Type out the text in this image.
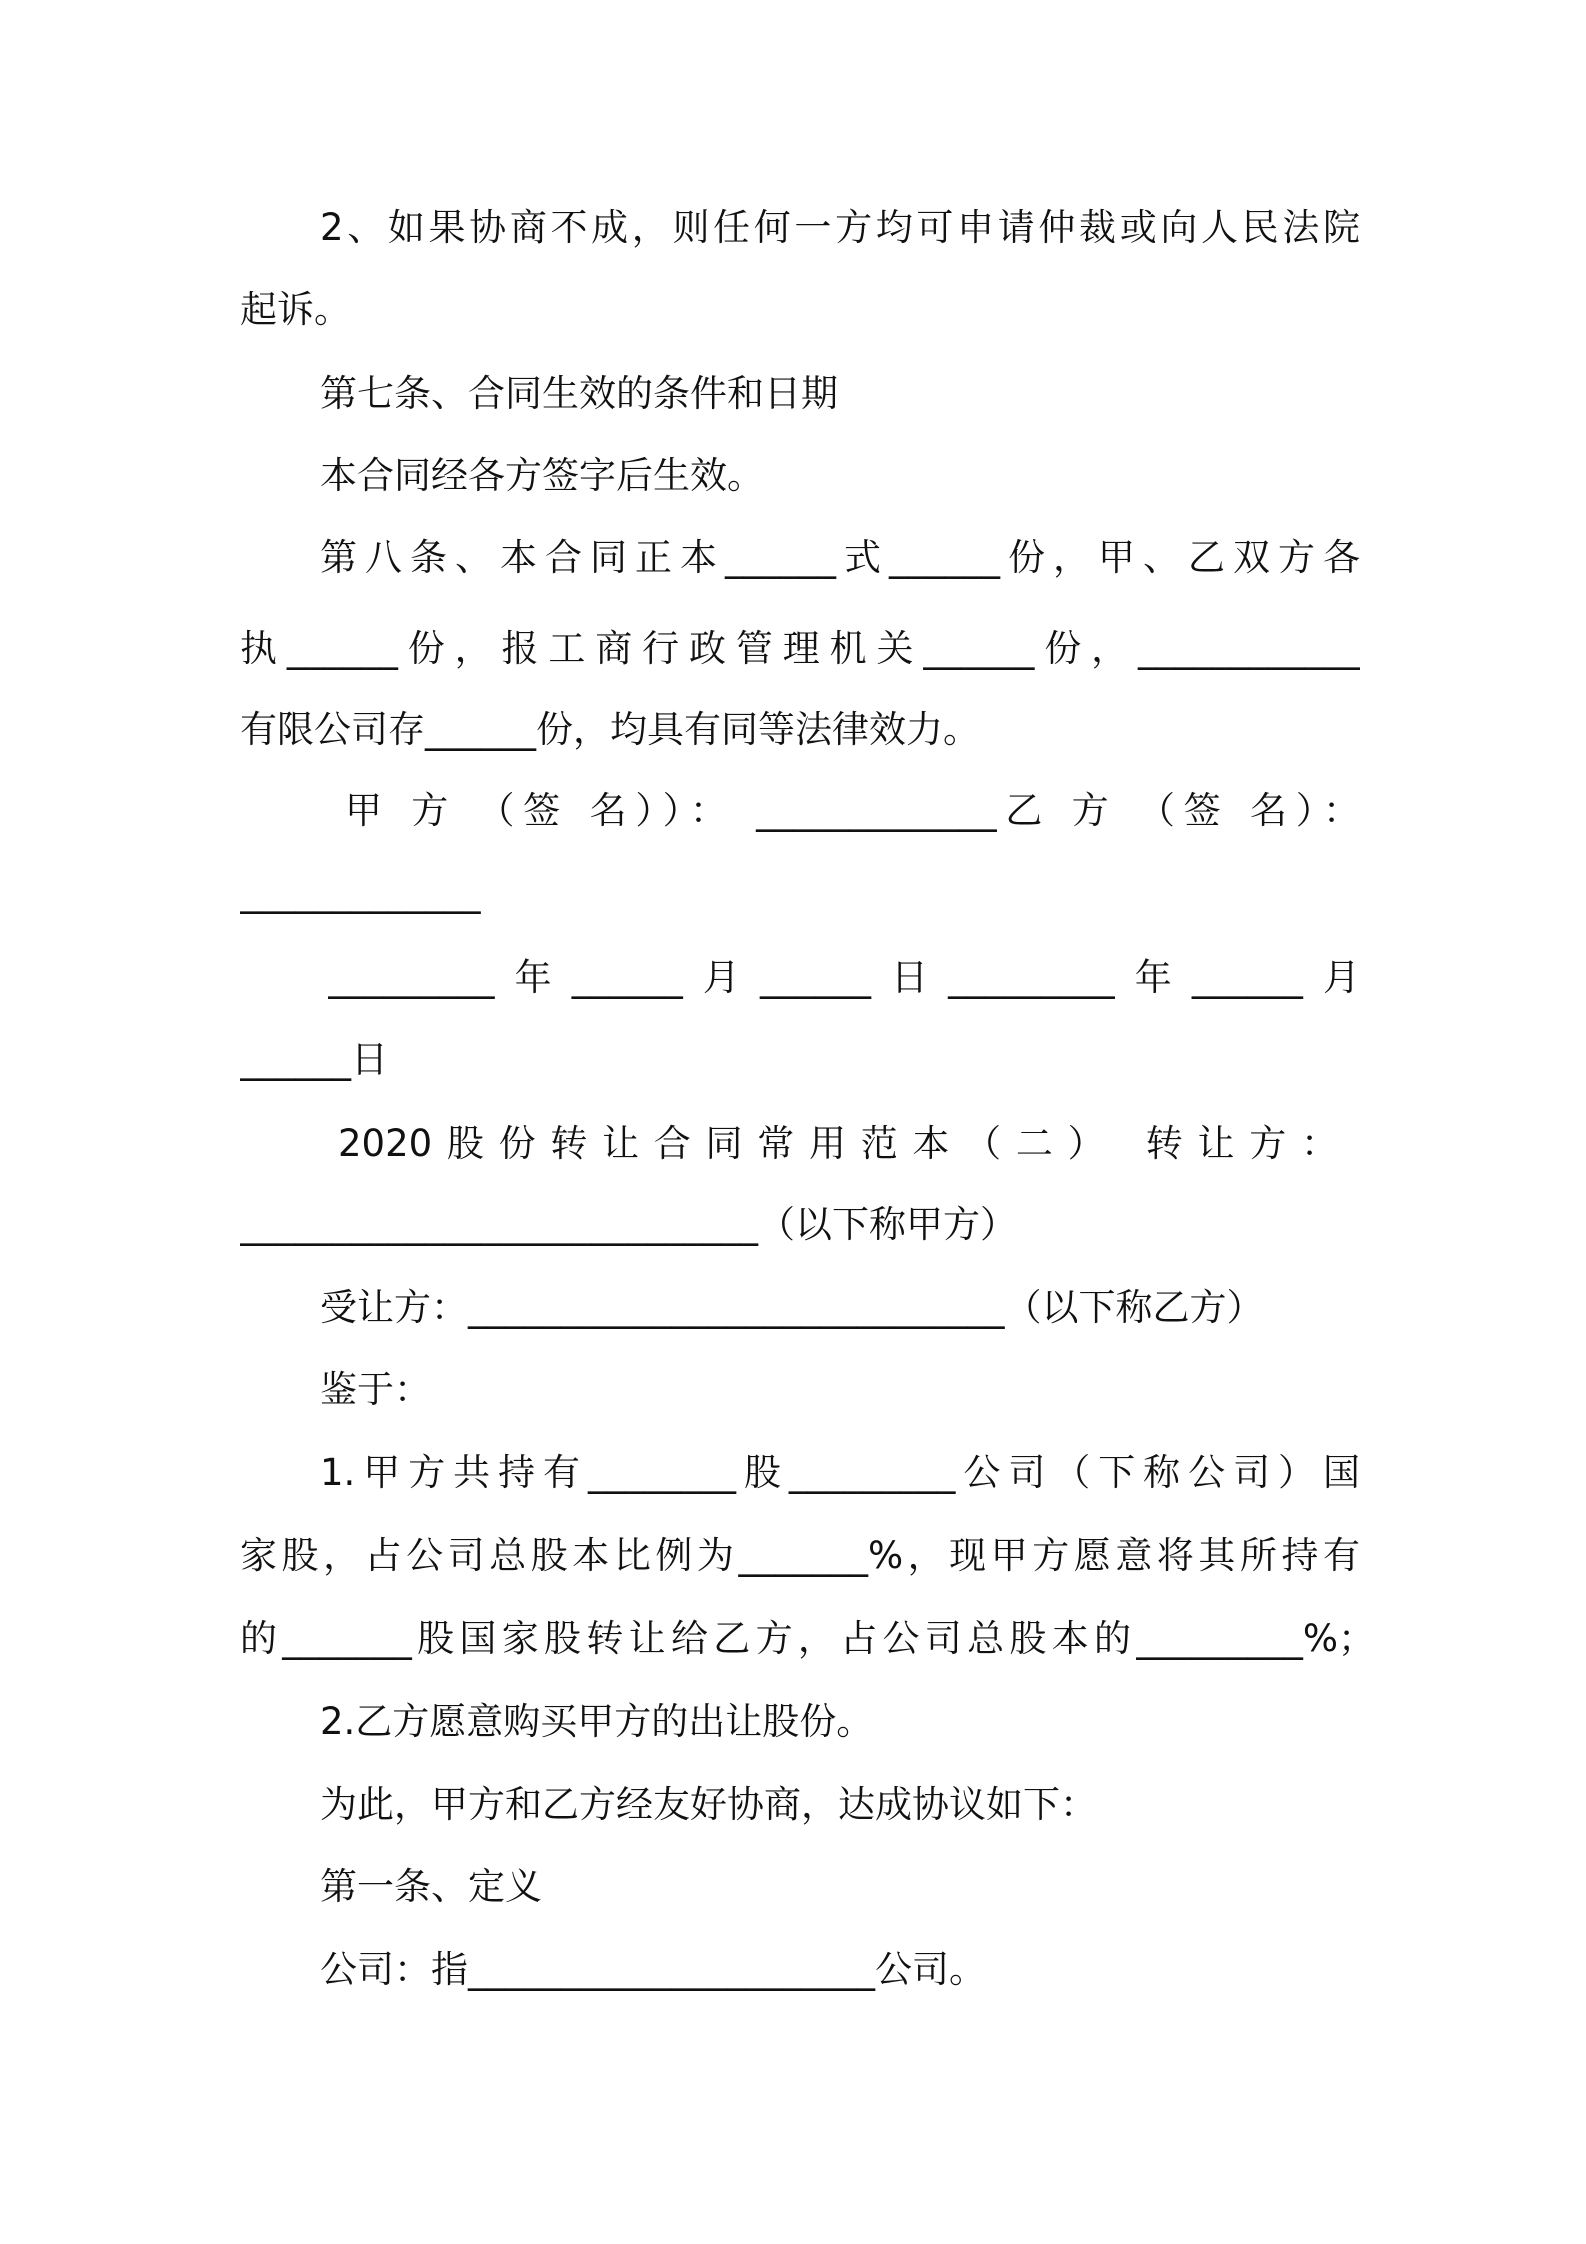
2、如果协商不成，则任何一方均可申请仲裁或向人民法院

起诉。

第七条、合同生效的条件和日期

本合同经各方签字后生效。

第八条、本合同正本______式______份，甲、乙双方各

执______份，报工商行政管理机关______份，____________

有限公司存______份，均具有同等法律效力。

甲 方 （签 名））： _____________乙 方 （签 名）：

_____________

_________年______月______日_________年______月

______日

2020股份转让合同常用范本（二） 转让方：

____________________________（以下称甲方）

受让方：_____________________________（以下称乙方）

鉴于：

1.甲方共持有________股_________公司（下称公司）国

家股，占公司总股本比例为_______%，现甲方愿意将其所持有

的_______股国家股转让给乙方，占公司总股本的_________%；

2.乙方愿意购买甲方的出让股份。

为此，甲方和乙方经友好协商，达成协议如下：

第一条、定义

公司：指______________________公司。
